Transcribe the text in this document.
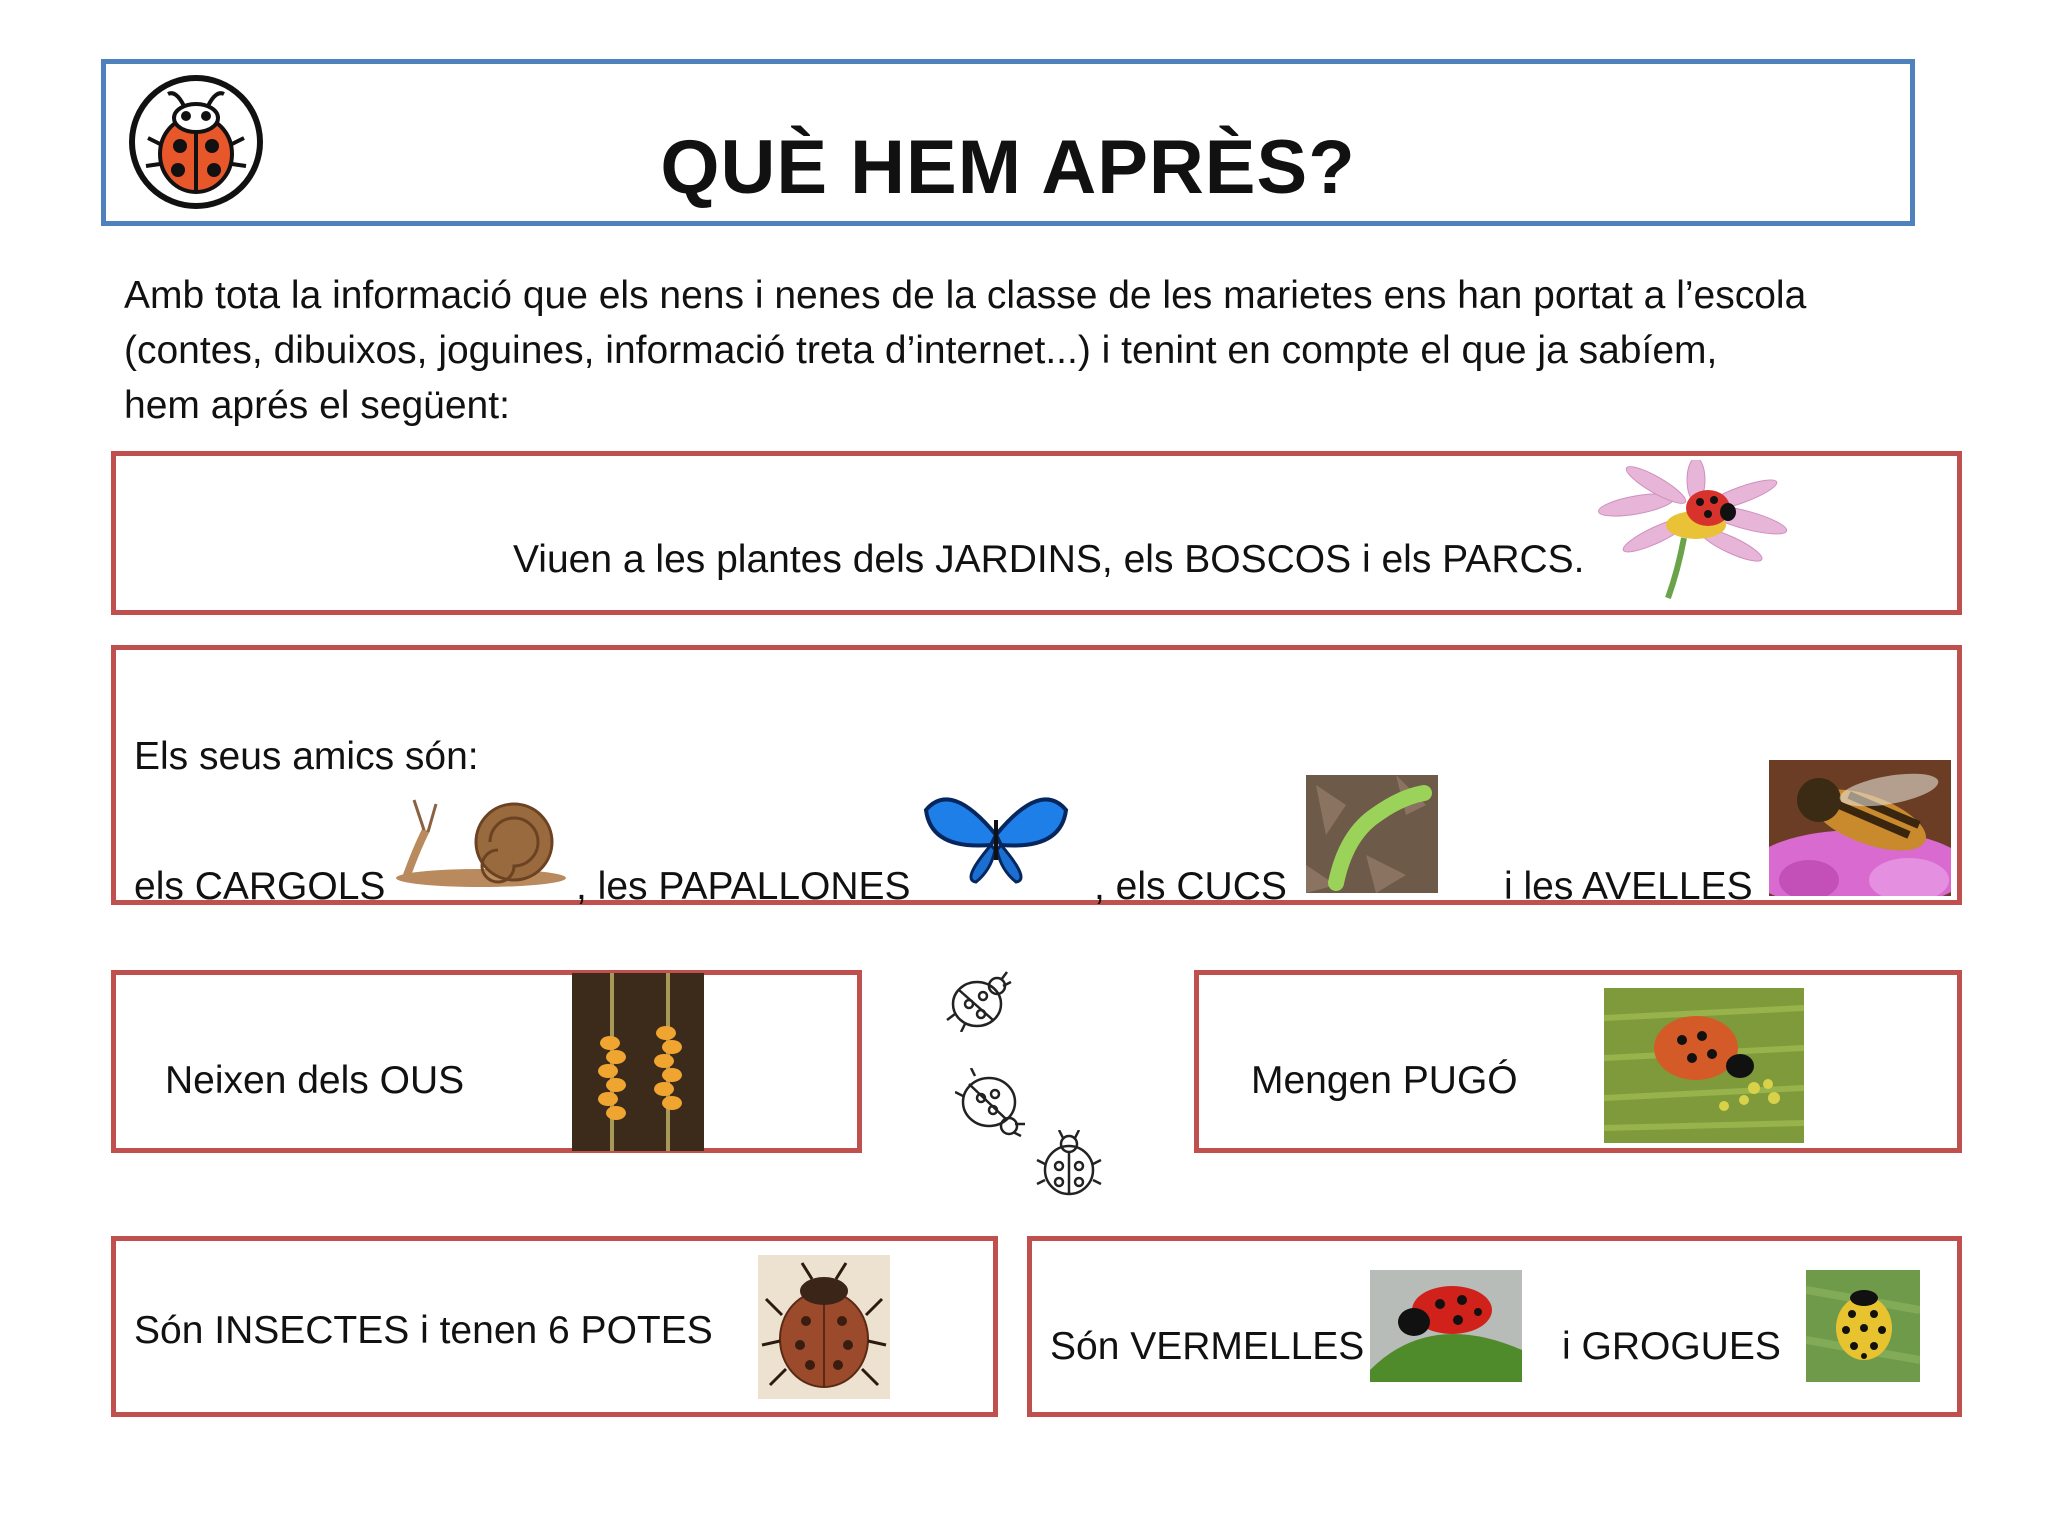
QUÈ HEM APRÈS?
Amb tota la informació que els nens i nenes de la classe de les marietes ens han portat a l’escola
(contes, dibuixos, joguines, informació treta d’internet...) i tenint en compte el que ja sabíem,
hem aprés el següent:
Viuen a les plantes dels JARDINS, els BOSCOS i els PARCS.
Els seus amics són:
els CARGOLS	, les PAPALLONES	, els CUCS	i les AVELLES
Neixen dels OUS	Mengen PUGÓ
Són INSECTES i tenen 6 POTES	Són VERMELLES	i GROGUES
